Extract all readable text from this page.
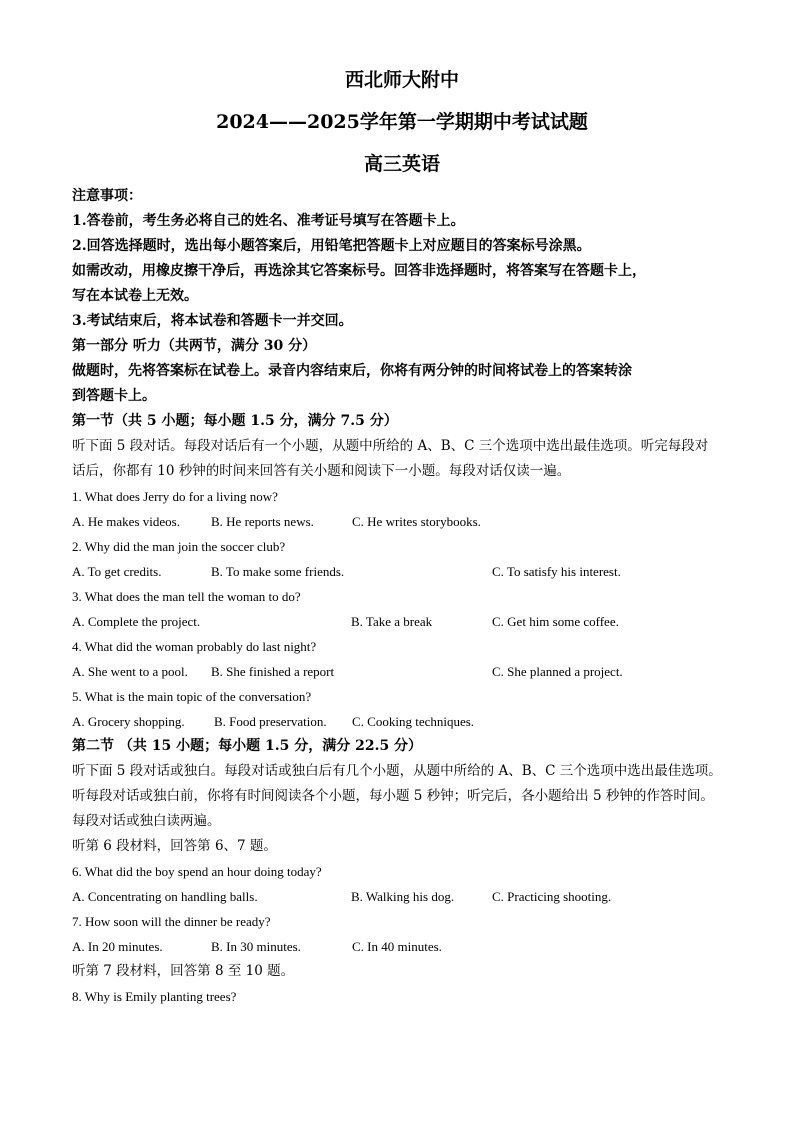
西北师大附中

2024——2025学年第一学期期中考试试题

高三英语

注意事项：

1.答卷前，考生务必将自己的姓名、准考证号填写在答题卡上。

2.回答选择题时，选出每小题答案后，用铅笔把答题卡上对应题目的答案标号涂黑。

如需改动，用橡皮擦干净后，再选涂其它答案标号。回答非选择题时，将答案写在答题卡上，

写在本试卷上无效。

3.考试结束后，将本试卷和答题卡一并交回。

第一部分 听力（共两节，满分 30 分）

做题时，先将答案标在试卷上。录音内容结束后，你将有两分钟的时间将试卷上的答案转涂

到答题卡上。

第一节（共 5 小题；每小题 1.5 分，满分 7.5 分）

听下面 5 段对话。每段对话后有一个小题，从题中所给的 A、B、C 三个选项中选出最佳选项。听完每段对

话后，你都有 10 秒钟的时间来回答有关小题和阅读下一小题。每段对话仅读一遍。

1. What does Jerry do for a living now?

A. He makes videos. B. He reports news.	C. He writes storybooks.

2. Why did the man join the soccer club?

A. To get credits.	B. To make some friends.	C. To satisfy his interest.

3. What does the man tell the woman to do?

A. Complete the project.	B. Take a break	C. Get him some coffee.

4. What did the woman probably do last night?

A. She went to a pool. B. She finished a report	C. She planned a project.

5. What is the main topic of the conversation?

A. Grocery shopping. B. Food preservation. C. Cooking techniques.

第二节 （共 15 小题；每小题 1.5 分，满分 22.5 分）

听下面 5 段对话或独白。每段对话或独白后有几个小题，从题中所给的 A、B、C 三个选项中选出最佳选项。

听每段对话或独白前，你将有时间阅读各个小题，每小题 5 秒钟；听完后，各小题给出 5 秒钟的作答时间。

每段对话或独白读两遍。

听第 6 段材料，回答第 6、7 题。

6. What did the boy spend an hour doing today?

A. Concentrating on handling balls.	B. Walking his dog.	C. Practicing shooting.

7. How soon will the dinner be ready?

A. In 20 minutes.	B. In 30 minutes.	C. In 40 minutes.

听第 7 段材料，回答第 8 至 10 题。

8. Why is Emily planting trees?
